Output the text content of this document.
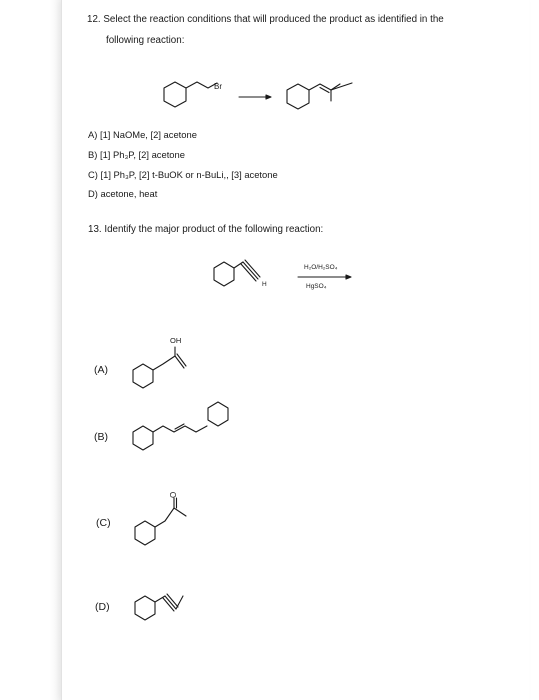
12. Select the reaction conditions that will produced the product as identified in the
following reaction:
Br
A) [1] NaOMe, [2] acetone
B) [1] Ph₃P, [2] acetone
C) [1] Ph₃P, [2] t-BuOK or n-BuLi,, [3] acetone
D) acetone, heat
13. Identify the major product of the following reaction:
H
H₂O/H₂SO₄
HgSO₄
OH
O
(A)
(B)
(C)
(D)
